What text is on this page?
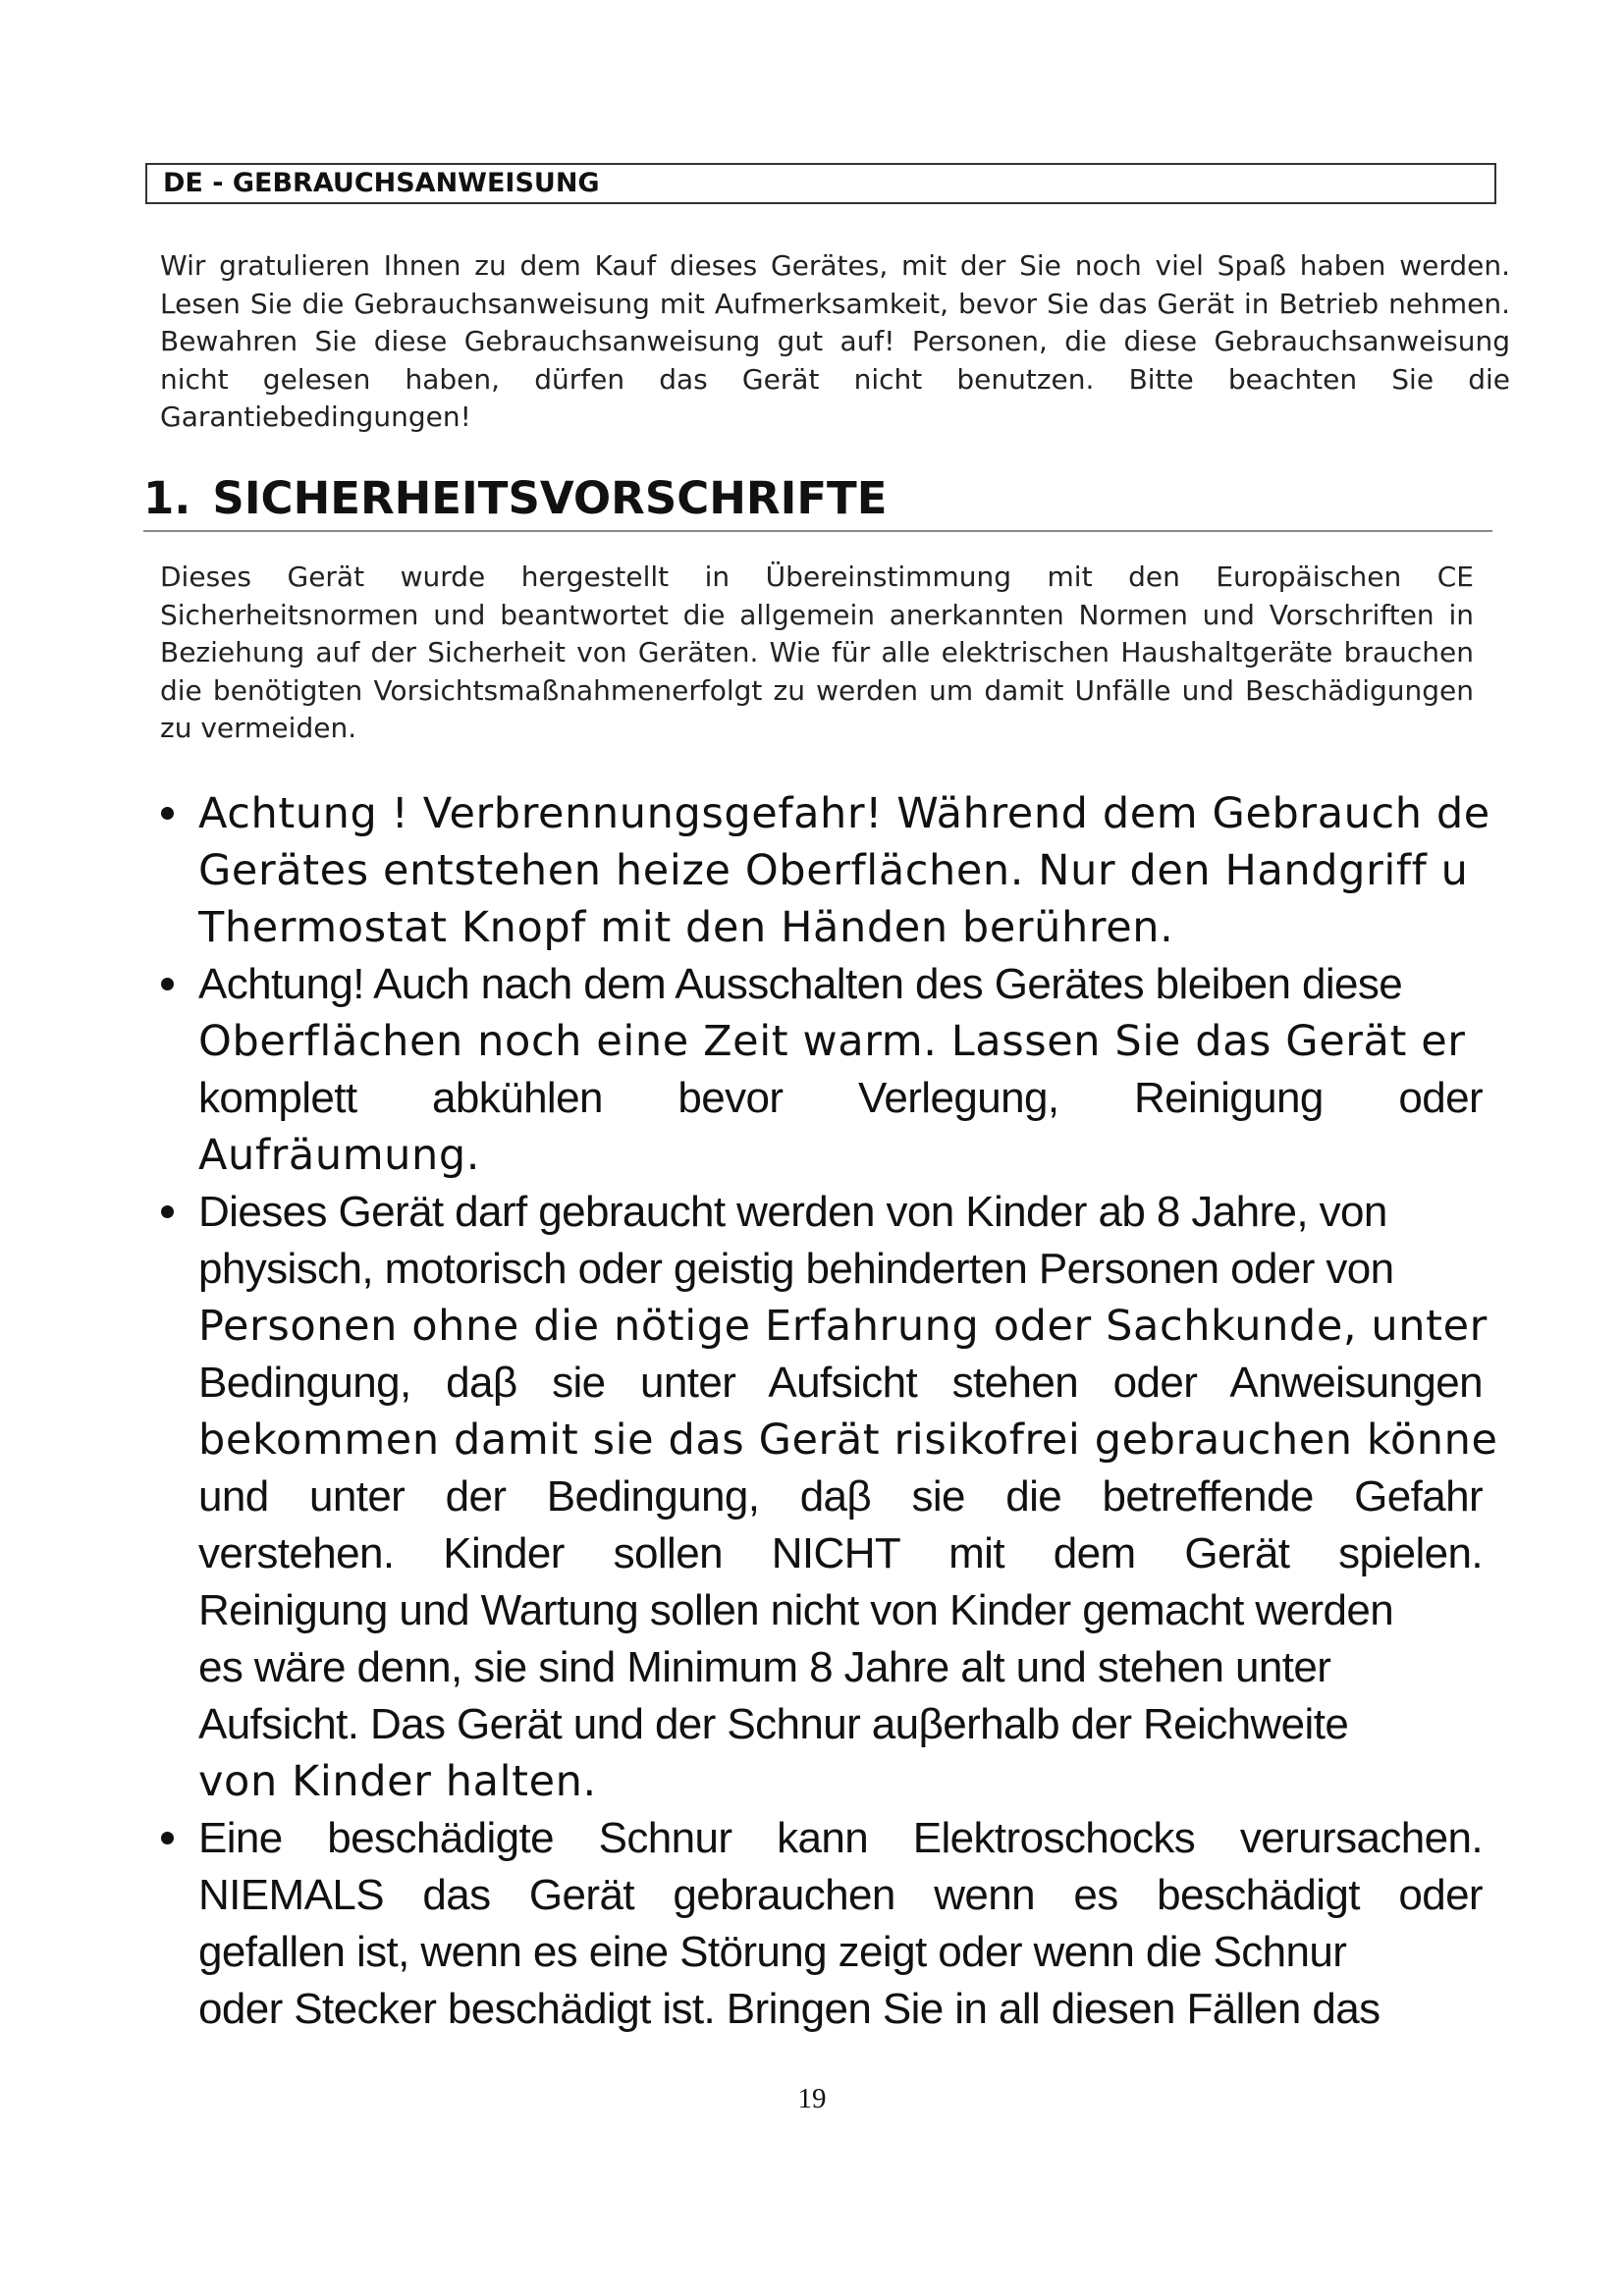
DE - GEBRAUCHSANWEISUNG
Wir gratulieren Ihnen zu dem Kauf dieses Gerätes, mit der Sie noch viel Spaß haben werden. Lesen Sie die Gebrauchsanweisung mit Aufmerksamkeit, bevor Sie das Gerät in Betrieb nehmen. Bewahren Sie diese Gebrauchsanweisung gut auf! Personen, die diese Gebrauchsanweisung nicht gelesen haben, dürfen das Gerät nicht benutzen. Bitte beachten Sie die Garantiebedingungen!
1. SICHERHEITSVORSCHRIFTE
Dieses Gerät wurde hergestellt in Übereinstimmung mit den Europäischen CE Sicherheitsnormen und beantwortet die allgemein anerkannten Normen und Vorschriften in Beziehung auf der Sicherheit von Geräten. Wie für alle elektrischen Haushaltgeräte brauchen die benötigten Vorsichtsmaßnahmenerfolgt zu werden um damit Unfälle und Beschädigungen zu vermeiden.
Achtung ! Verbrennungsgefahr! Während dem Gebrauch de
Gerätes entstehen heize Oberflächen. Nur den Handgriff u
Thermostat Knopf mit den Händen berühren.
Achtung! Auch nach dem Ausschalten des Gerätes bleiben diese
Oberflächen noch eine Zeit warm. Lassen Sie das Gerät er
komplett abkühlen bevor Verlegung, Reinigung oder
Aufräumung.
Dieses Gerät darf gebraucht werden von Kinder ab 8 Jahre, von
physisch, motorisch oder geistig behinderten Personen oder von
Personen ohne die nötige Erfahrung oder Sachkunde, unter
Bedingung, daβ sie unter Aufsicht stehen oder Anweisungen
bekommen damit sie das Gerät risikofrei gebrauchen könne
und unter der Bedingung, daβ sie die betreffende Gefahr
verstehen. Kinder sollen NICHT mit dem Gerät spielen.
Reinigung und Wartung sollen nicht von Kinder gemacht werden
es wäre denn, sie sind Minimum 8 Jahre alt und stehen unter
Aufsicht. Das Gerät und der Schnur auβerhalb der Reichweite
von Kinder halten.
Eine beschädigte Schnur kann Elektroschocks verursachen.
NIEMALS das Gerät gebrauchen wenn es beschädigt oder
gefallen ist, wenn es eine Störung zeigt oder wenn die Schnur
oder Stecker beschädigt ist. Bringen Sie in all diesen Fällen das
19
